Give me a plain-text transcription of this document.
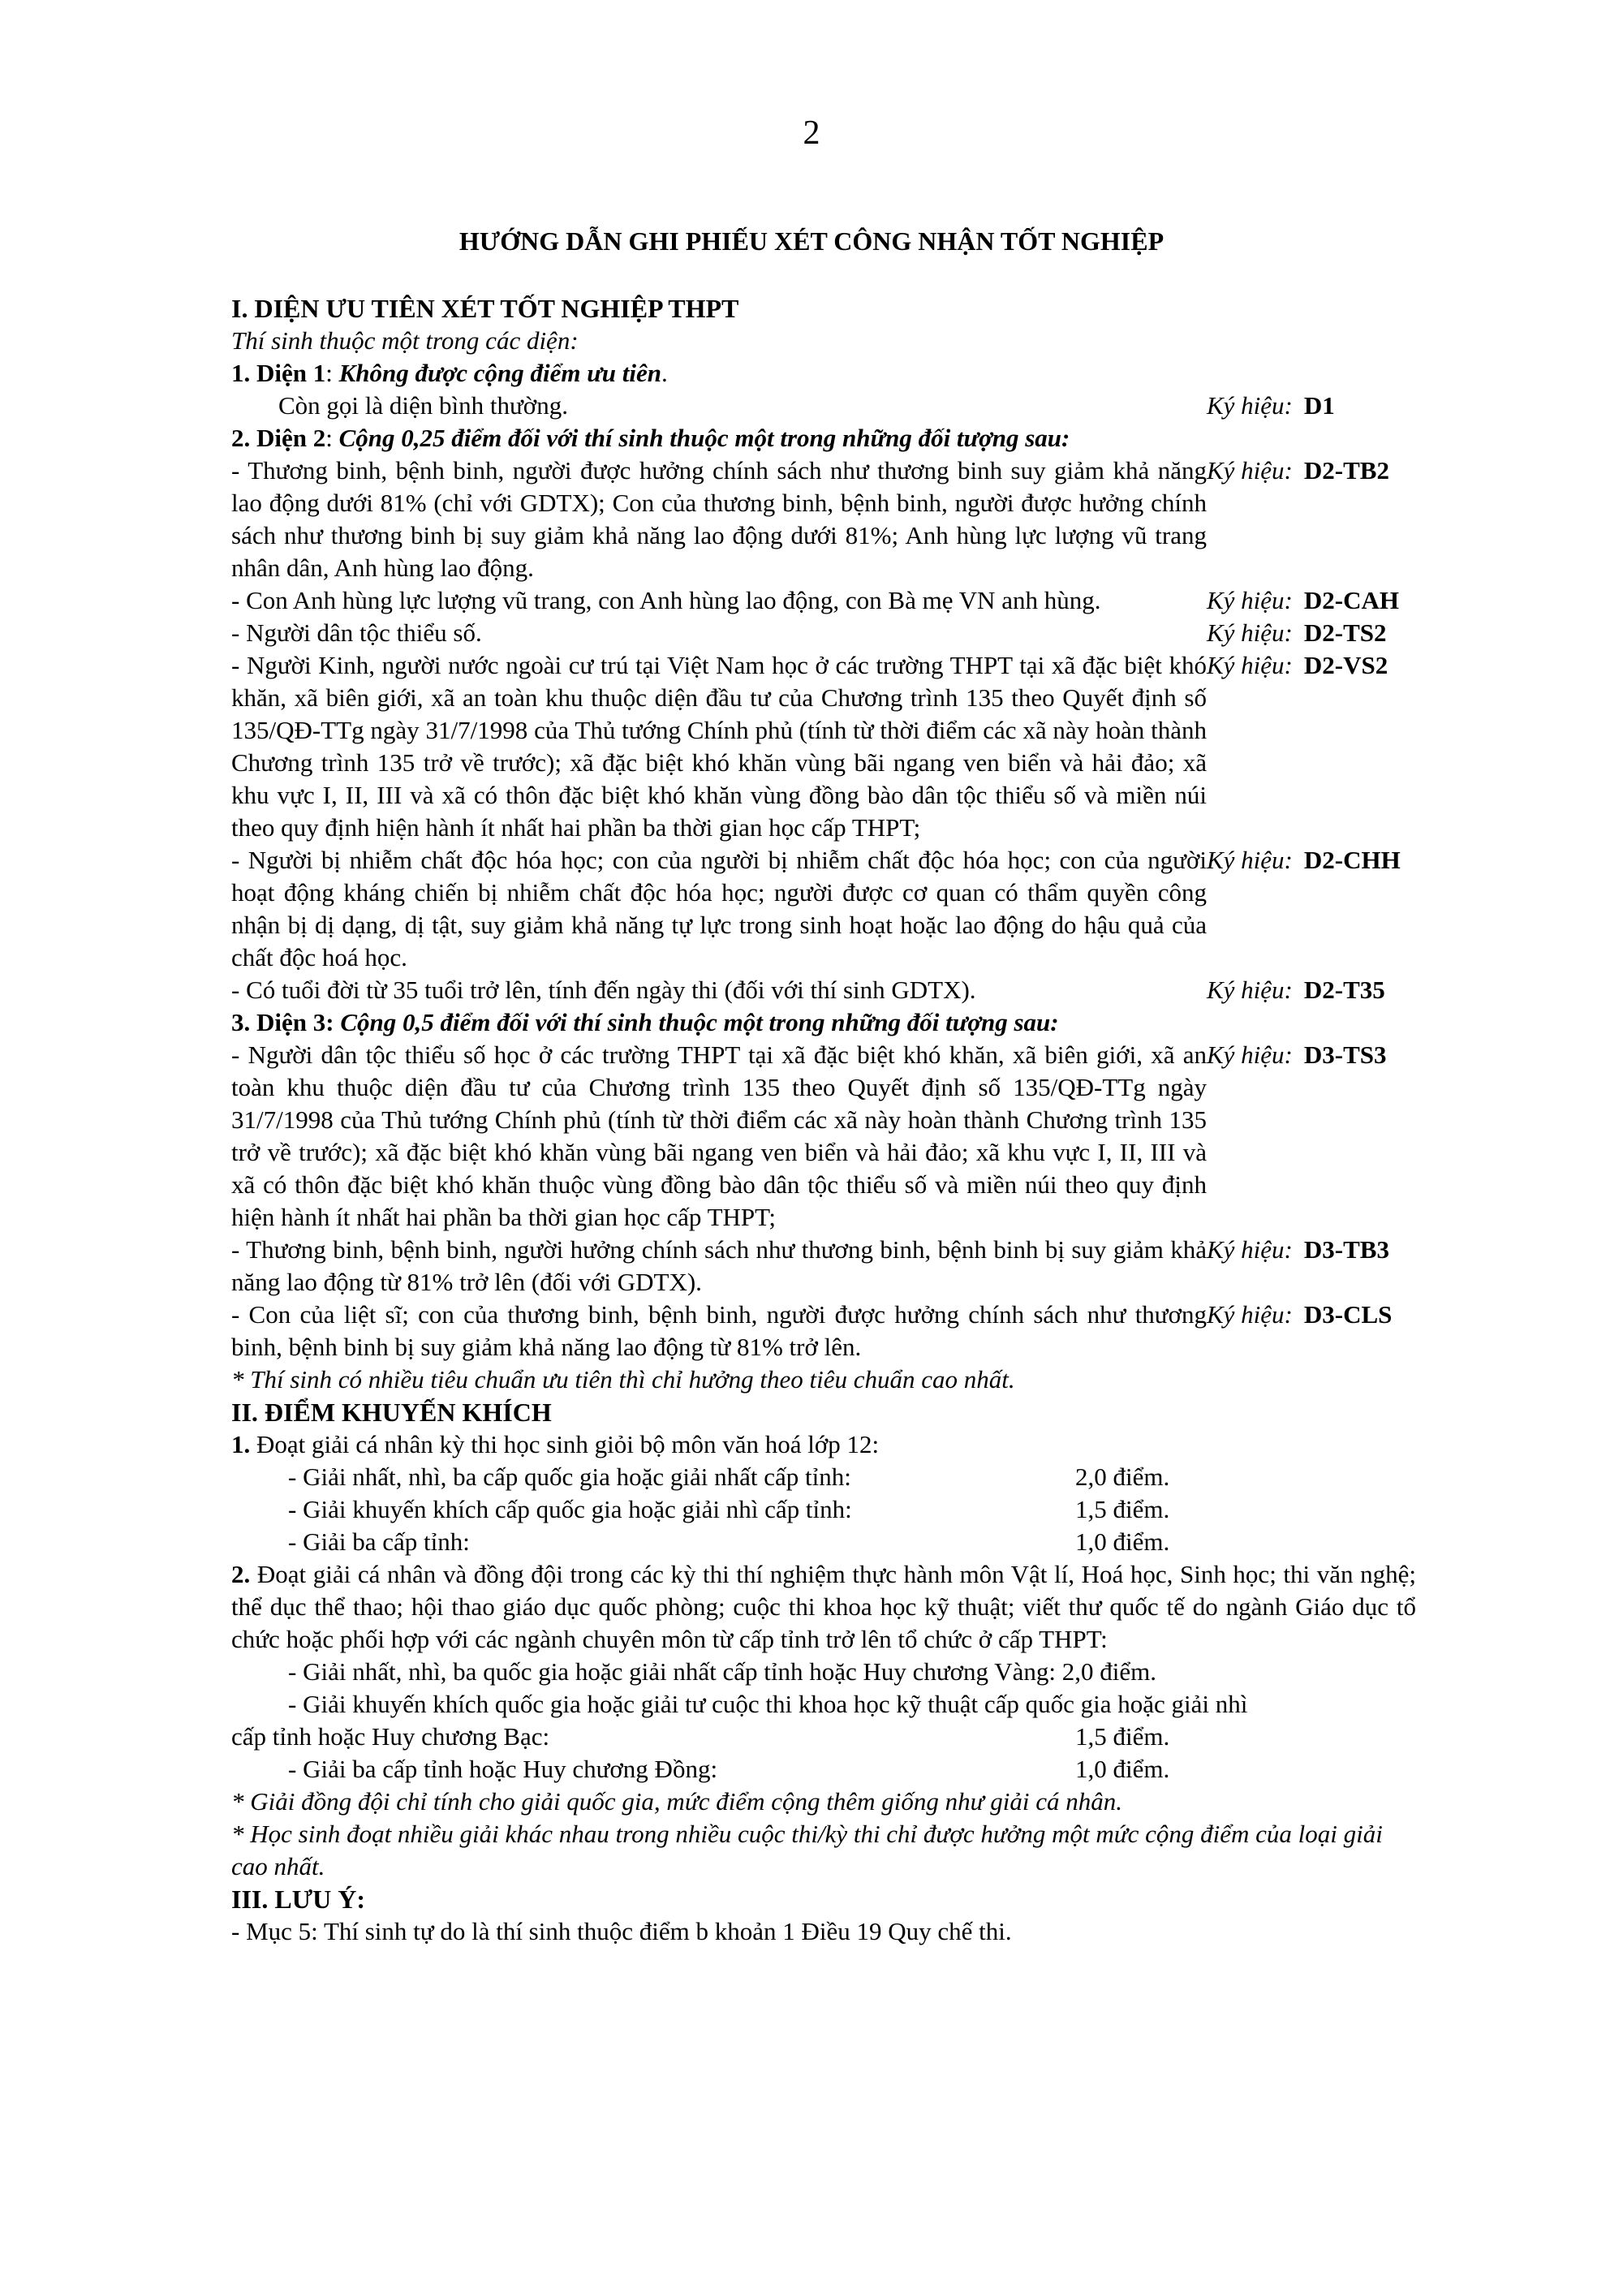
2
HƯỚNG DẪN GHI PHIẾU XÉT CÔNG NHẬN TỐT NGHIỆP
I. DIỆN ƯU TIÊN XÉT TỐT NGHIỆP THPT
Thí sinh thuộc một trong các diện:
1. Diện 1: Không được cộng điểm ưu tiên.
Còn gọi là diện bình thường.	Ký hiệu: D1
2. Diện 2: Cộng 0,25 điểm đối với thí sinh thuộc một trong những đối tượng sau:
- Thương binh, bệnh binh, người được hưởng chính sách như thương binh suy giảm khả năng lao động dưới 81% (chỉ với GDTX); Con của thương binh, bệnh binh, người được hưởng chính sách như thương binh bị suy giảm khả năng lao động dưới 81%; Anh hùng lực lượng vũ trang nhân dân, Anh hùng lao động.
Ký hiệu: D2-TB2
- Con Anh hùng lực lượng vũ trang, con Anh hùng lao động, con Bà mẹ VN anh hùng.	Ký hiệu: D2-CAH
- Người dân tộc thiểu số.	Ký hiệu: D2-TS2
- Người Kinh, người nước ngoài cư trú tại Việt Nam học ở các trường THPT tại xã đặc biệt khó khăn, xã biên giới, xã an toàn khu thuộc diện đầu tư của Chương trình 135 theo Quyết định số 135/QĐ-TTg ngày 31/7/1998 của Thủ tướng Chính phủ (tính từ thời điểm các xã này hoàn thành Chương trình 135 trở về trước); xã đặc biệt khó khăn vùng bãi ngang ven biển và hải đảo; xã khu vực I, II, III và xã có thôn đặc biệt khó khăn vùng đồng bào dân tộc thiểu số và miền núi theo quy định hiện hành ít nhất hai phần ba thời gian học cấp THPT;
Ký hiệu: D2-VS2
- Người bị nhiễm chất độc hóa học; con của người bị nhiễm chất độc hóa học; con của người hoạt động kháng chiến bị nhiễm chất độc hóa học; người được cơ quan có thẩm quyền công nhận bị dị dạng, dị tật, suy giảm khả năng tự lực trong sinh hoạt hoặc lao động do hậu quả của chất độc hoá học.
Ký hiệu: D2-CHH
- Có tuổi đời từ 35 tuổi trở lên, tính đến ngày thi (đối với thí sinh GDTX).	Ký hiệu: D2-T35
3. Diện 3: Cộng 0,5 điểm đối với thí sinh thuộc một trong những đối tượng sau:
- Người dân tộc thiểu số học ở các trường THPT tại xã đặc biệt khó khăn, xã biên giới, xã an toàn khu thuộc diện đầu tư của Chương trình 135 theo Quyết định số 135/QĐ-TTg ngày 31/7/1998 của Thủ tướng Chính phủ (tính từ thời điểm các xã này hoàn thành Chương trình 135 trở về trước); xã đặc biệt khó khăn vùng bãi ngang ven biển và hải đảo; xã khu vực I, II, III và xã có thôn đặc biệt khó khăn thuộc vùng đồng bào dân tộc thiểu số và miền núi theo quy định hiện hành ít nhất hai phần ba thời gian học cấp THPT;
Ký hiệu: D3-TS3
- Thương binh, bệnh binh, người hưởng chính sách như thương binh, bệnh binh bị suy giảm khả năng lao động từ 81% trở lên (đối với GDTX).
Ký hiệu: D3-TB3
- Con của liệt sĩ; con của thương binh, bệnh binh, người được hưởng chính sách như thương binh, bệnh binh bị suy giảm khả năng lao động từ 81% trở lên.
Ký hiệu: D3-CLS
* Thí sinh có nhiều tiêu chuẩn ưu tiên thì chỉ hưởng theo tiêu chuẩn cao nhất.
II. ĐIỂM KHUYẾN KHÍCH
1. Đoạt giải cá nhân kỳ thi học sinh giỏi bộ môn văn hoá lớp 12:
- Giải nhất, nhì, ba cấp quốc gia hoặc giải nhất cấp tỉnh:	2,0 điểm.
- Giải khuyến khích cấp quốc gia hoặc giải nhì cấp tỉnh:	1,5 điểm.
- Giải ba cấp tỉnh:	1,0 điểm.
2. Đoạt giải cá nhân và đồng đội trong các kỳ thi thí nghiệm thực hành môn Vật lí, Hoá học, Sinh học; thi văn nghệ; thể dục thể thao; hội thao giáo dục quốc phòng; cuộc thi khoa học kỹ thuật; viết thư quốc tế do ngành Giáo dục tổ chức hoặc phối hợp với các ngành chuyên môn từ cấp tỉnh trở lên tổ chức ở cấp THPT:
- Giải nhất, nhì, ba quốc gia hoặc giải nhất cấp tỉnh hoặc Huy chương Vàng: 2,0 điểm.
- Giải khuyến khích quốc gia hoặc giải tư cuộc thi khoa học kỹ thuật cấp quốc gia hoặc giải nhì
cấp tỉnh hoặc Huy chương Bạc:	1,5 điểm.
- Giải ba cấp tỉnh hoặc Huy chương Đồng:	1,0 điểm.
* Giải đồng đội chỉ tính cho giải quốc gia, mức điểm cộng thêm giống như giải cá nhân.
* Học sinh đoạt nhiều giải khác nhau trong nhiều cuộc thi/kỳ thi chỉ được hưởng một mức cộng điểm của loại giải cao nhất.
III. LƯU Ý:
- Mục 5: Thí sinh tự do là thí sinh thuộc điểm b khoản 1 Điều 19 Quy chế thi.
